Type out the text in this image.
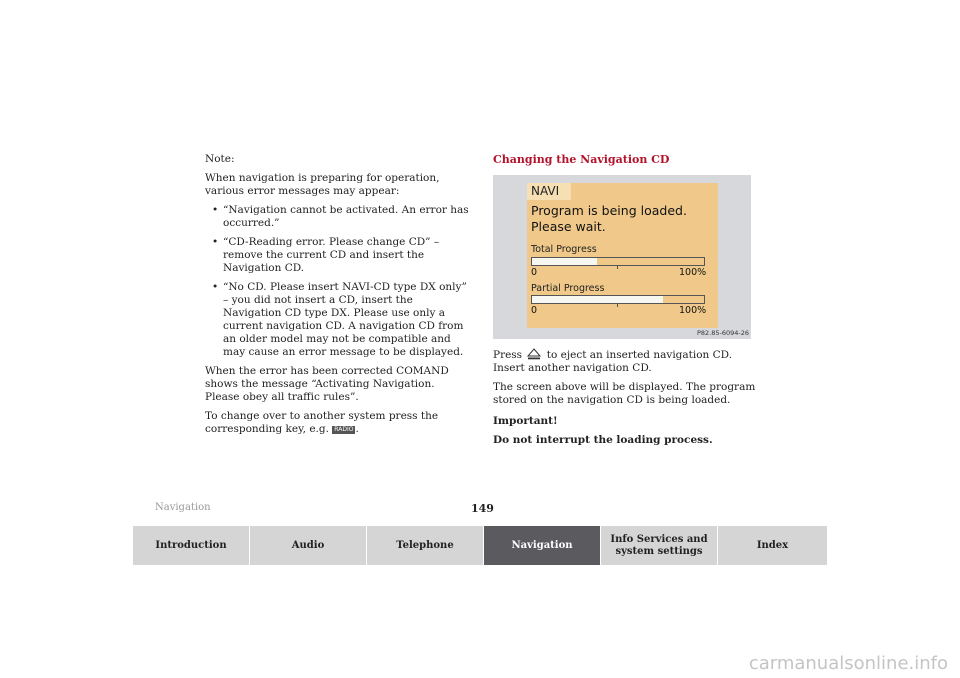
Note:

When navigation is preparing for operation, various error messages may appear:

• “Navigation cannot be activated. An error has occurred.”
• “CD-Reading error. Please change CD” – remove the current CD and insert the Navigation CD.
• “No CD. Please insert NAVI-CD type DX only” – you did not insert a CD, insert the Navigation CD type DX. Please use only a current navigation CD. A navigation CD from an older model may not be compatible and may cause an error message to be displayed.

When the error has been corrected COMAND shows the message “Activating Navigation. Please obey all traffic rules”.

To change over to another system press the corresponding key, e.g. RADIO .

Changing the Navigation CD
NAVI
Program is being loaded.
Please wait.
Total Progress
0	100%
Partial Progress
0	100%
P82.85-6094-26

Press to eject an inserted navigation CD.

Insert another navigation CD.

The screen above will be displayed. The program stored on the navigation CD is being loaded.

Important!

Do not interrupt the loading process.

Navigation	149
Introduction	Audio	Telephone	Navigation
Info Services and system settings
Index
carmanualsonline.info
